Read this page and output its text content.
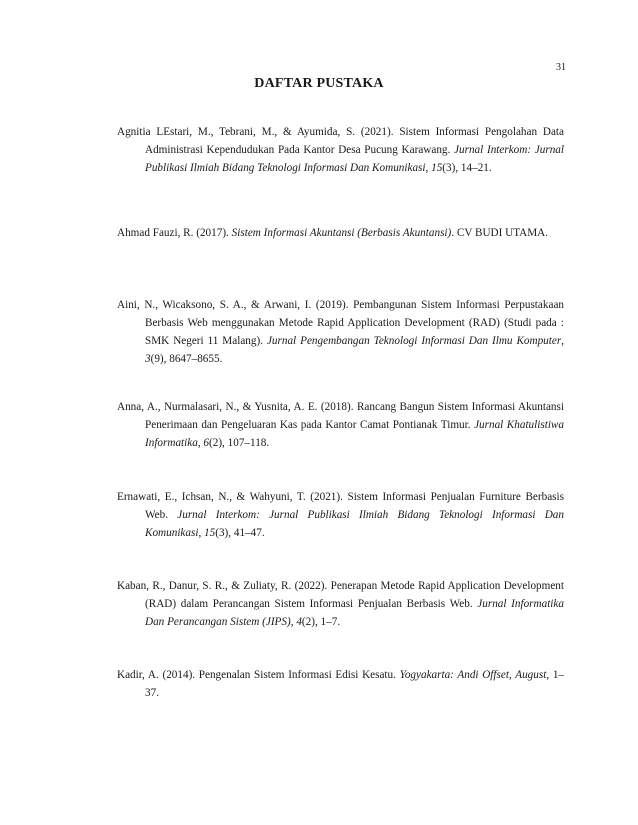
31
DAFTAR PUSTAKA
Agnitia LEstari, M., Tebrani, M., & Ayumida, S. (2021). Sistem Informasi Pengolahan Data Administrasi Kependudukan Pada Kantor Desa Pucung Karawang. Jurnal Interkom: Jurnal Publikasi Ilmiah Bidang Teknologi Informasi Dan Komunikasi, 15(3), 14–21.
Ahmad Fauzi, R. (2017). Sistem Informasi Akuntansi (Berbasis Akuntansi). CV BUDI UTAMA.
Aini, N., Wicaksono, S. A., & Arwani, I. (2019). Pembangunan Sistem Informasi Perpustakaan Berbasis Web menggunakan Metode Rapid Application Development (RAD) (Studi pada : SMK Negeri 11 Malang). Jurnal Pengembangan Teknologi Informasi Dan Ilmu Komputer, 3(9), 8647–8655.
Anna, A., Nurmalasari, N., & Yusnita, A. E. (2018). Rancang Bangun Sistem Informasi Akuntansi Penerimaan dan Pengeluaran Kas pada Kantor Camat Pontianak Timur. Jurnal Khatulistiwa Informatika, 6(2), 107–118.
Ernawati, E., Ichsan, N., & Wahyuni, T. (2021). Sistem Informasi Penjualan Furniture Berbasis Web. Jurnal Interkom: Jurnal Publikasi Ilmiah Bidang Teknologi Informasi Dan Komunikasi, 15(3), 41–47.
Kaban, R., Danur, S. R., & Zuliaty, R. (2022). Penerapan Metode Rapid Application Development (RAD) dalam Perancangan Sistem Informasi Penjualan Berbasis Web. Jurnal Informatika Dan Perancangan Sistem (JIPS), 4(2), 1–7.
Kadir, A. (2014). Pengenalan Sistem Informasi Edisi Kesatu. Yogyakarta: Andi Offset, August, 1–37.
